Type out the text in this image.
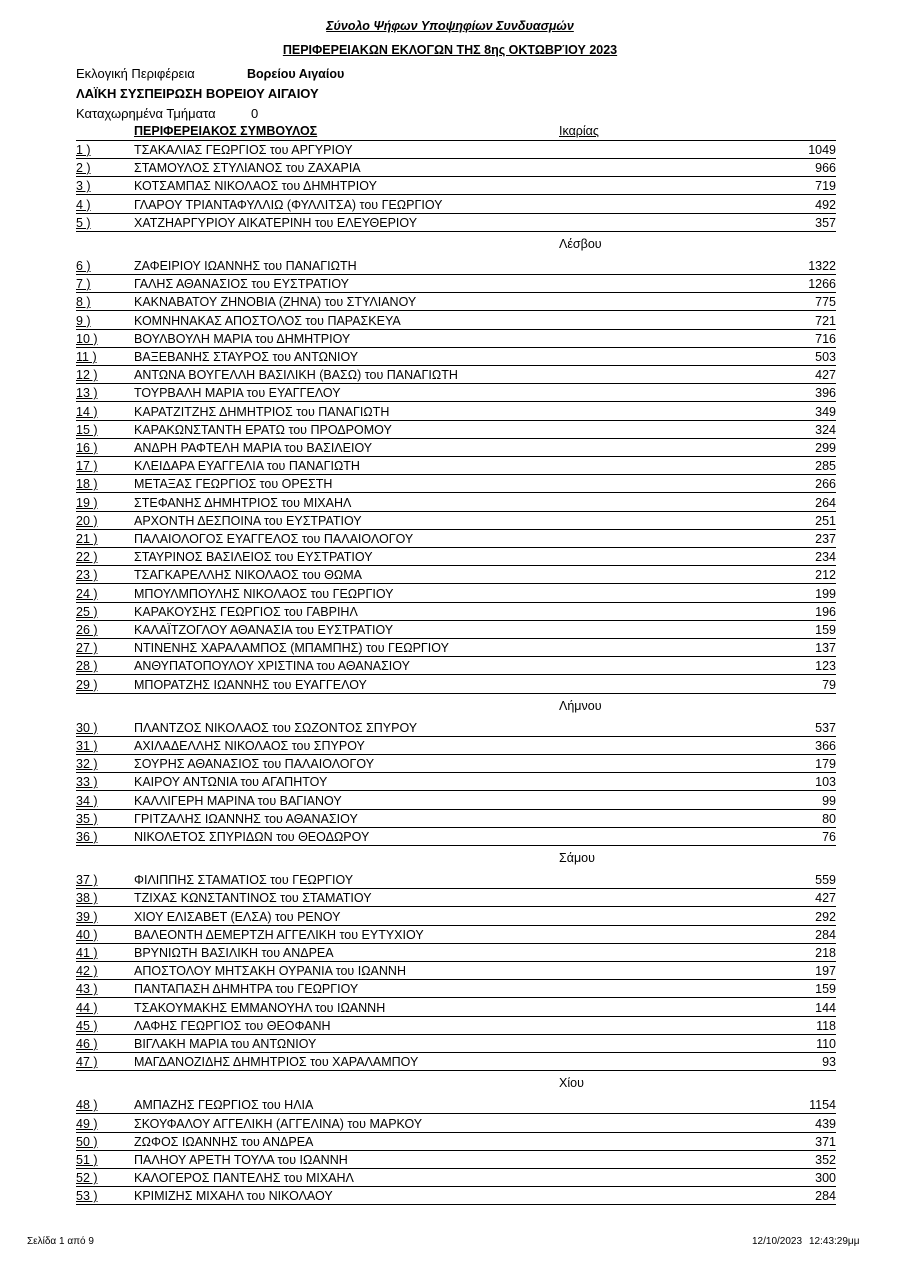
Σύνολο Ψήφων Υποψηφίων Συνδυασμών
ΠΕΡΙΦΕΡΕΙΑΚΩΝ ΕΚΛΟΓΩΝ ΤΗΣ 8ης ΟΚΤΩΒΡΊΟΥ 2023
Εκλογική Περιφέρεια	Βορείου Αιγαίου
ΛΑΪΚΗ ΣΥΣΠΕΙΡΩΣΗ ΒΟΡΕΙΟΥ ΑΙΓΑΙΟΥ
Καταχωρημένα Τμήματα	0
ΠΕΡΙΦΕΡΕΙΑΚΟΣ ΣΥΜΒΟΥΛΟΣ	Ικαρίας
1 )	ΤΣΑΚΑΛΙΑΣ ΓΕΩΡΓΙΟΣ του ΑΡΓΥΡΙΟΥ	1049
2 )	ΣΤΑΜΟΥΛΟΣ ΣΤΥΛΙΑΝΟΣ του ΖΑΧΑΡΙΑ	966
3 )	ΚΟΤΣΑΜΠΑΣ ΝΙΚΟΛΑΟΣ του ΔΗΜΗΤΡΙΟΥ	719
4 )	ΓΛΑΡΟΥ ΤΡΙΑΝΤΑΦΥΛΛΙΩ (ΦΥΛΛΙΤΣΑ) του ΓΕΩΡΓΙΟΥ	492
5 )	ΧΑΤΖΗΑΡΓΥΡΙΟΥ ΑΙΚΑΤΕΡΙΝΗ του ΕΛΕΥΘΕΡΙΟΥ	357
Λέσβου
6 )	ΖΑΦΕΙΡΙΟΥ ΙΩΑΝΝΗΣ του ΠΑΝΑΓΙΩΤΗ	1322
7 )	ΓΑΛΗΣ ΑΘΑΝΑΣΙΟΣ του ΕΥΣΤΡΑΤΙΟΥ	1266
8 )	ΚΑΚΝΑΒΑΤΟΥ ΖΗΝΟΒΙΑ (ΖΗΝΑ) του ΣΤΥΛΙΑΝΟΥ	775
9 )	ΚΟΜΝΗΝΑΚΑΣ ΑΠΟΣΤΟΛΟΣ του ΠΑΡΑΣΚΕΥΑ	721
10 )	ΒΟΥΛΒΟΥΛΗ ΜΑΡΙΑ του ΔΗΜΗΤΡΙΟΥ	716
11 )	ΒΑΞΕΒΑΝΗΣ ΣΤΑΥΡΟΣ του ΑΝΤΩΝΙΟΥ	503
12 )	ΑΝΤΩΝΑ ΒΟΥΓΕΛΛΗ ΒΑΣΙΛΙΚΗ (ΒΑΣΩ) του ΠΑΝΑΓΙΩΤΗ	427
13 )	ΤΟΥΡΒΑΛΗ ΜΑΡΙΑ του ΕΥΑΓΓΕΛΟΥ	396
14 )	ΚΑΡΑΤΖΙΤΖΗΣ ΔΗΜΗΤΡΙΟΣ του ΠΑΝΑΓΙΩΤΗ	349
15 )	ΚΑΡΑΚΩΝΣΤΑΝΤΗ ΕΡΑΤΩ του ΠΡΟΔΡΟΜΟΥ	324
16 )	ΑΝΔΡΗ ΡΑΦΤΕΛΗ ΜΑΡΙΑ του ΒΑΣΙΛΕΙΟΥ	299
17 )	ΚΛΕΙΔΑΡΑ ΕΥΑΓΓΕΛΙΑ του ΠΑΝΑΓΙΩΤΗ	285
18 )	ΜΕΤΑΞΑΣ ΓΕΩΡΓΙΟΣ του ΟΡΕΣΤΗ	266
19 )	ΣΤΕΦΑΝΗΣ ΔΗΜΗΤΡΙΟΣ του ΜΙΧΑΗΛ	264
20 )	ΑΡΧΟΝΤΗ ΔΕΣΠΟΙΝΑ του ΕΥΣΤΡΑΤΙΟΥ	251
21 )	ΠΑΛΑΙΟΛΟΓΟΣ ΕΥΑΓΓΕΛΟΣ του ΠΑΛΑΙΟΛΟΓΟΥ	237
22 )	ΣΤΑΥΡΙΝΟΣ ΒΑΣΙΛΕΙΟΣ του ΕΥΣΤΡΑΤΙΟΥ	234
23 )	ΤΣΑΓΚΑΡΕΛΛΗΣ ΝΙΚΟΛΑΟΣ του ΘΩΜΑ	212
24 )	ΜΠΟΥΛΜΠΟΥΛΗΣ ΝΙΚΟΛΑΟΣ του ΓΕΩΡΓΙΟΥ	199
25 )	ΚΑΡΑΚΟΥΣΗΣ ΓΕΩΡΓΙΟΣ του ΓΑΒΡΙΗΛ	196
26 )	ΚΑΛΑΪΤΖΟΓΛΟΥ ΑΘΑΝΑΣΙΑ του ΕΥΣΤΡΑΤΙΟΥ	159
27 )	ΝΤΙΝΕΝΗΣ ΧΑΡΑΛΑΜΠΟΣ (ΜΠΑΜΠΗΣ) του ΓΕΩΡΓΙΟΥ	137
28 )	ΑΝΘΥΠΑΤΟΠΟΥΛΟΥ ΧΡΙΣΤΙΝΑ του ΑΘΑΝΑΣΙΟΥ	123
29 )	ΜΠΟΡΑΤΖΗΣ ΙΩΑΝΝΗΣ του ΕΥΑΓΓΕΛΟΥ	79
Λήμνου
30 )	ΠΛΑΝΤΖΟΣ ΝΙΚΟΛΑΟΣ του ΣΩΖΟΝΤΟΣ ΣΠΥΡΟΥ	537
31 )	ΑΧΙΛΑΔΕΛΛΗΣ ΝΙΚΟΛΑΟΣ του ΣΠΥΡΟΥ	366
32 )	ΣΟΥΡΗΣ ΑΘΑΝΑΣΙΟΣ του ΠΑΛΑΙΟΛΟΓΟΥ	179
33 )	ΚΑΙΡΟΥ ΑΝΤΩΝΙΑ του ΑΓΑΠΗΤΟΥ	103
34 )	ΚΑΛΛΙΓΕΡΗ ΜΑΡΙΝΑ του ΒΑΓΙΑΝΟΥ	99
35 )	ΓΡΙΤΖΑΛΗΣ ΙΩΑΝΝΗΣ του ΑΘΑΝΑΣΙΟΥ	80
36 )	ΝΙΚΟΛΕΤΟΣ ΣΠΥΡΙΔΩΝ του ΘΕΟΔΩΡΟΥ	76
Σάμου
37 )	ΦΙΛΙΠΠΗΣ ΣΤΑΜΑΤΙΟΣ του ΓΕΩΡΓΙΟΥ	559
38 )	ΤΖΙΧΑΣ ΚΩΝΣΤΑΝΤΙΝΟΣ του ΣΤΑΜΑΤΙΟΥ	427
39 )	ΧΙΟΥ ΕΛΙΣΑΒΕΤ (ΕΛΣΑ) του ΡΕΝΟΥ	292
40 )	ΒΑΛΕΟΝΤΗ ΔΕΜΕΡΤΖΗ ΑΓΓΕΛΙΚΗ του ΕΥΤΥΧΙΟΥ	284
41 )	ΒΡΥΝΙΩΤΗ ΒΑΣΙΛΙΚΗ του ΑΝΔΡΕΑ	218
42 )	ΑΠΟΣΤΟΛΟΥ ΜΗΤΣΑΚΗ ΟΥΡΑΝΙΑ του ΙΩΑΝΝΗ	197
43 )	ΠΑΝΤΑΠΑΣΗ ΔΗΜΗΤΡΑ του ΓΕΩΡΓΙΟΥ	159
44 )	ΤΣΑΚΟΥΜΑΚΗΣ ΕΜΜΑΝΟΥΗΛ του ΙΩΑΝΝΗ	144
45 )	ΛΑΦΗΣ ΓΕΩΡΓΙΟΣ του ΘΕΟΦΑΝΗ	118
46 )	ΒΙΓΛΑΚΗ ΜΑΡΙΑ του ΑΝΤΩΝΙΟΥ	110
47 )	ΜΑΓΔΑΝΟΖΙΔΗΣ ΔΗΜΗΤΡΙΟΣ του ΧΑΡΑΛΑΜΠΟΥ	93
Χίου
48 )	ΑΜΠΑΖΗΣ ΓΕΩΡΓΙΟΣ του ΗΛΙΑ	1154
49 )	ΣΚΟΥΦΑΛΟΥ ΑΓΓΕΛΙΚΗ (ΑΓΓΕΛΙΝΑ) του ΜΑΡΚΟΥ	439
50 )	ΖΩΦΟΣ ΙΩΑΝΝΗΣ του ΑΝΔΡΕΑ	371
51 )	ΠΑΛΗΟΥ ΑΡΕΤΗ ΤΟΥΛΑ του ΙΩΑΝΝΗ	352
52 )	ΚΑΛΟΓΕΡΟΣ ΠΑΝΤΕΛΗΣ του ΜΙΧΑΗΛ	300
53 )	ΚΡΙΜΙΖΗΣ ΜΙΧΑΗΛ του ΝΙΚΟΛΑΟΥ	284
Σελίδα 1 από 9	12/10/2023 12:43:29μμ
